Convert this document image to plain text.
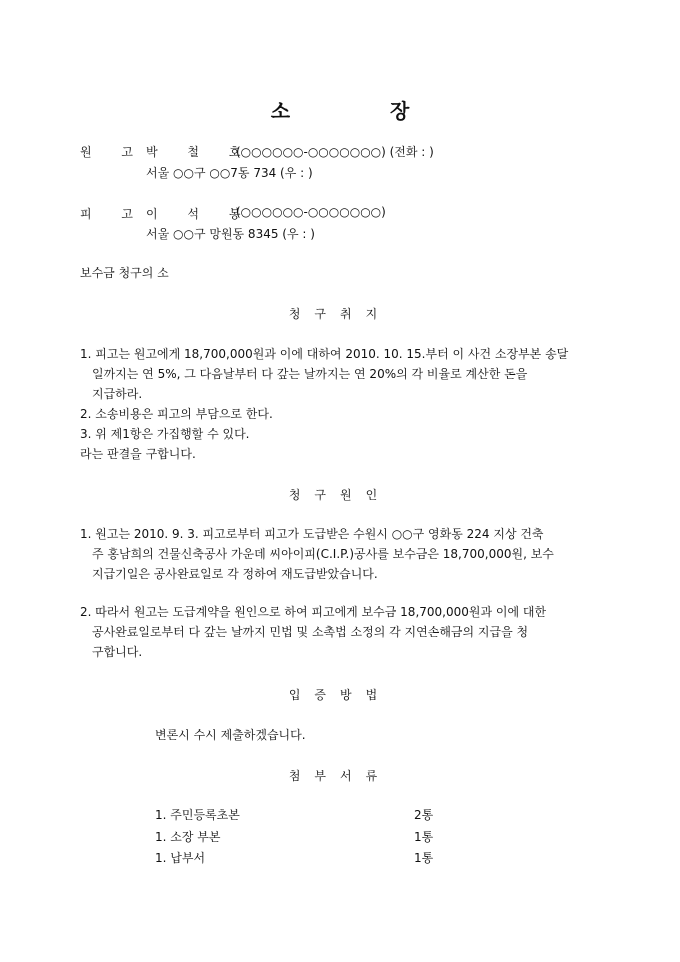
소	장
원 고 박 철 호
(○○○○○○-○○○○○○○) (전화 : )
서울 ○○구 ○○7동 734 (우 : )
피 고 이 석 봉
(○○○○○○-○○○○○○○)
서울 ○○구 망원동 8345 (우 : )
보수금 청구의 소
청구취지
1. 피고는 원고에게 18,700,000원과 이에 대하여 2010. 10. 15.부터 이 사건 소장부본 송달
일까지는 연 5%, 그 다음날부터 다 갚는 날까지는 연 20%의 각 비율로 계산한 돈을
지급하라.
2. 소송비용은 피고의 부담으로 한다.
3. 위 제1항은 가집행할 수 있다.
라는 판결을 구합니다.
청구원인
1. 원고는 2010. 9. 3. 피고로부터 피고가 도급받은 수원시 ○○구 영화동 224 지상 건축
주 홍남희의 건물신축공사 가운데 씨아이피(C.I.P.)공사를 보수금은 18,700,000원, 보수
지급기일은 공사완료일로 각 정하여 재도급받았습니다.
2. 따라서 원고는 도급계약을 원인으로 하여 피고에게 보수금 18,700,000원과 이에 대한
공사완료일로부터 다 갚는 날까지 민법 및 소촉법 소정의 각 지연손해금의 지급을 청
구합니다.
입증방법
변론시 수시 제출하겠습니다.
첨부서류
1. 주민등록초본	2통
1. 소장 부본	1통
1. 납부서	1통
